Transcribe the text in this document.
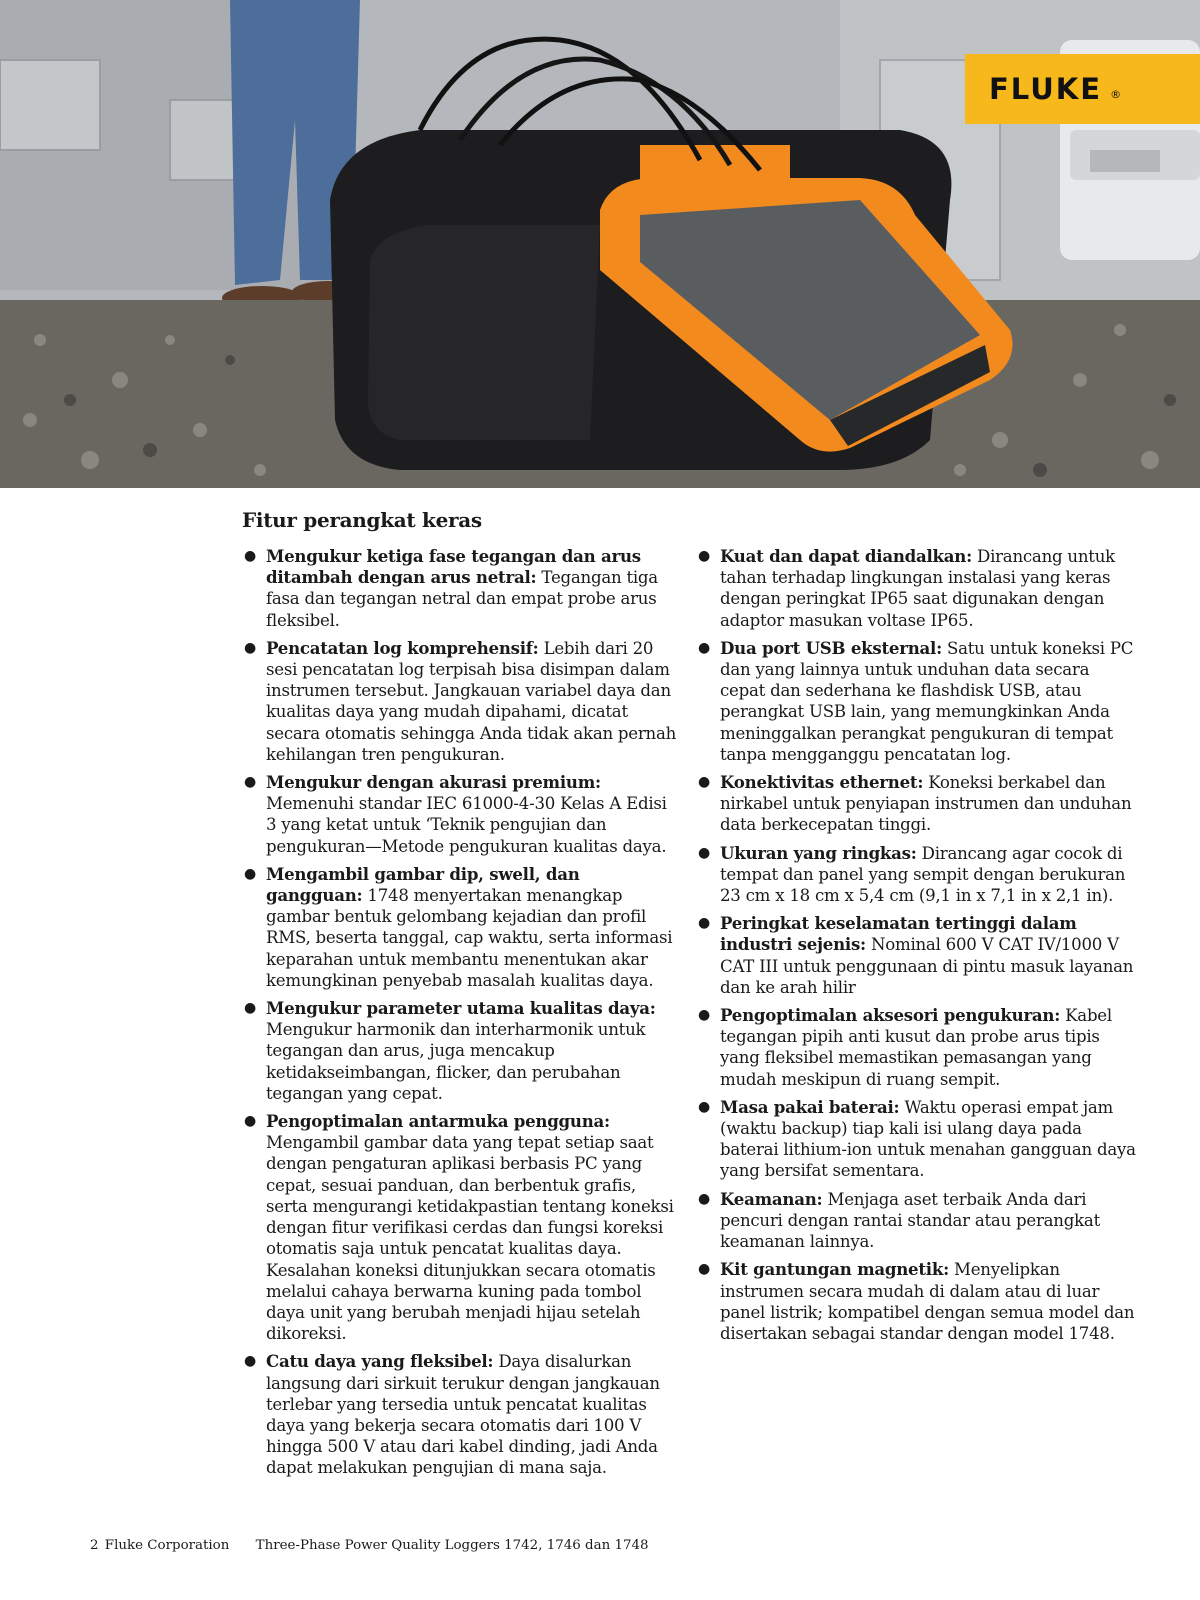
FLUKE ®
Fitur perangkat keras
● Mengukur ketiga fase tegangan dan arus ditambah dengan arus netral: Tegangan tiga fasa dan tegangan netral dan empat probe arus fleksibel.
● Pencatatan log komprehensif: Lebih dari 20 sesi pencatatan log terpisah bisa disimpan dalam instrumen tersebut. Jangkauan variabel daya dan kualitas daya yang mudah dipahami, dicatat secara otomatis sehingga Anda tidak akan pernah kehilangan tren pengukuran.
● Mengukur dengan akurasi premium: Memenuhi standar IEC 61000-4-30 Kelas A Edisi 3 yang ketat untuk ‘Teknik pengujian dan pengukuran—Metode pengukuran kualitas daya.
● Mengambil gambar dip, swell, dan gangguan: 1748 menyertakan menangkap gambar bentuk gelombang kejadian dan profil RMS, beserta tanggal, cap waktu, serta informasi keparahan untuk membantu menentukan akar kemungkinan penyebab masalah kualitas daya.
● Mengukur parameter utama kualitas daya: Mengukur harmonik dan interharmonik untuk tegangan dan arus, juga mencakup ketidakseimbangan, flicker, dan perubahan tegangan yang cepat.
● Pengoptimalan antarmuka pengguna: Mengambil gambar data yang tepat setiap saat dengan pengaturan aplikasi berbasis PC yang cepat, sesuai panduan, dan berbentuk grafis, serta mengurangi ketidakpastian tentang koneksi dengan fitur verifikasi cerdas dan fungsi koreksi otomatis saja untuk pencatat kualitas daya. Kesalahan koneksi ditunjukkan secara otomatis melalui cahaya berwarna kuning pada tombol daya unit yang berubah menjadi hijau setelah dikoreksi.
● Catu daya yang fleksibel: Daya disalurkan langsung dari sirkuit terukur dengan jangkauan terlebar yang tersedia untuk pencatat kualitas daya yang bekerja secara otomatis dari 100 V hingga 500 V atau dari kabel dinding, jadi Anda dapat melakukan pengujian di mana saja.
● Kuat dan dapat diandalkan: Dirancang untuk tahan terhadap lingkungan instalasi yang keras dengan peringkat IP65 saat digunakan dengan adaptor masukan voltase IP65.
● Dua port USB eksternal: Satu untuk koneksi PC dan yang lainnya untuk unduhan data secara cepat dan sederhana ke flashdisk USB, atau perangkat USB lain, yang memungkinkan Anda meninggalkan perangkat pengukuran di tempat tanpa mengganggu pencatatan log.
● Konektivitas ethernet: Koneksi berkabel dan nirkabel untuk penyiapan instrumen dan unduhan data berkecepatan tinggi.
● Ukuran yang ringkas: Dirancang agar cocok di tempat dan panel yang sempit dengan berukuran 23 cm x 18 cm x 5,4 cm (9,1 in x 7,1 in x 2,1 in).
● Peringkat keselamatan tertinggi dalam industri sejenis: Nominal 600 V CAT IV/1000 V CAT III untuk penggunaan di pintu masuk layanan dan ke arah hilir
● Pengoptimalan aksesori pengukuran: Kabel tegangan pipih anti kusut dan probe arus tipis yang fleksibel memastikan pemasangan yang mudah meskipun di ruang sempit.
● Masa pakai baterai: Waktu operasi empat jam (waktu backup) tiap kali isi ulang daya pada baterai lithium-ion untuk menahan gangguan daya yang bersifat sementara.
● Keamanan: Menjaga aset terbaik Anda dari pencuri dengan rantai standar atau perangkat keamanan lainnya.
● Kit gantungan magnetik: Menyelipkan instrumen secara mudah di dalam atau di luar panel listrik; kompatibel dengan semua model dan disertakan sebagai standar dengan model 1748.
2 Fluke Corporation Three-Phase Power Quality Loggers 1742, 1746 dan 1748
